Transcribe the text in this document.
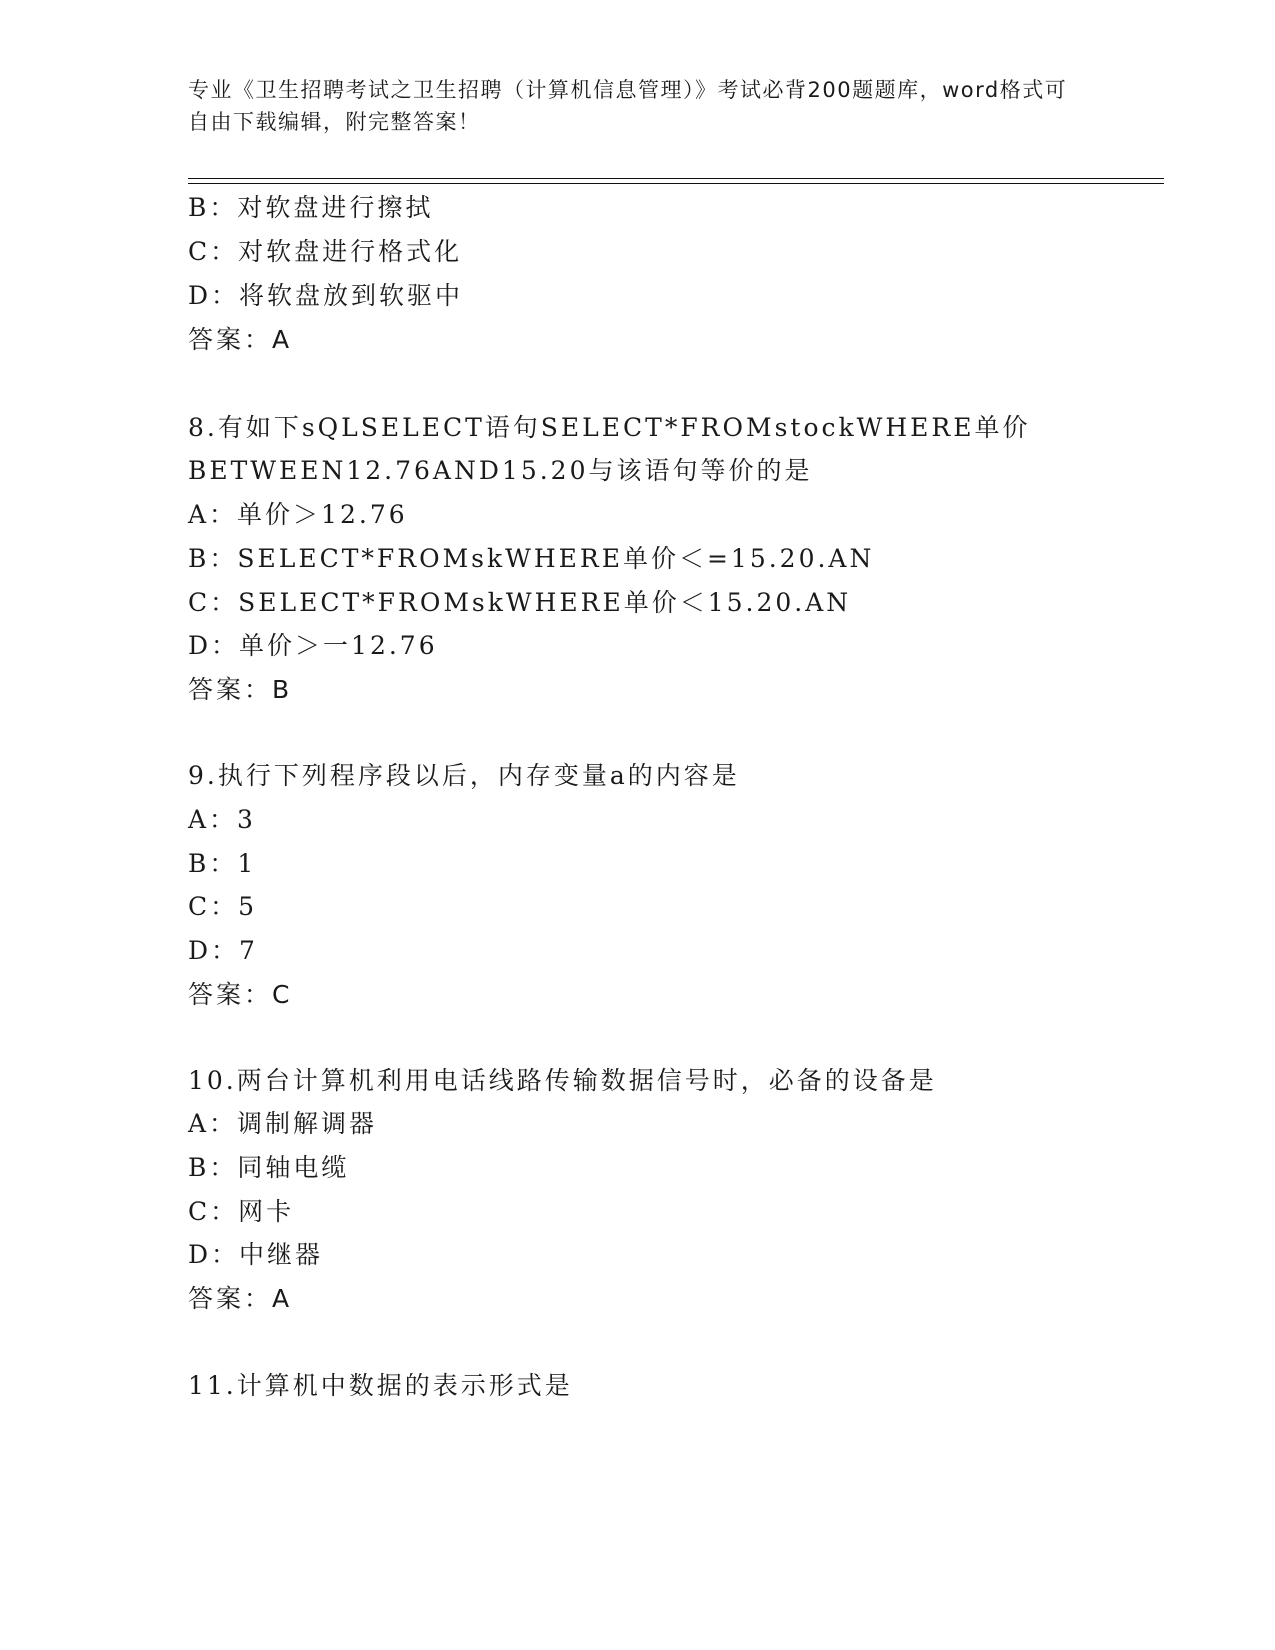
专业《卫生招聘考试之卫生招聘（计算机信息管理）》考试必背200题题库，word格式可自由下载编辑，附完整答案！
B：对软盘进行擦拭
C：对软盘进行格式化
D：将软盘放到软驱中
答案：A
8.有如下sQLSELECT语句SELECT*FROMstockWHERE单价
BETWEEN12.76AND15.20与该语句等价的是
A：单价＞12.76
B：SELECT*FROMskWHERE单价＜=15.20.AN
C：SELECT*FROMskWHERE单价＜15.20.AN
D：单价＞一12.76
答案：B
9.执行下列程序段以后，内存变量a的内容是
A：3
B：1
C：5
D：7
答案：C
10.两台计算机利用电话线路传输数据信号时，必备的设备是
A：调制解调器
B：同轴电缆
C：网卡
D：中继器
答案：A
11.计算机中数据的表示形式是
